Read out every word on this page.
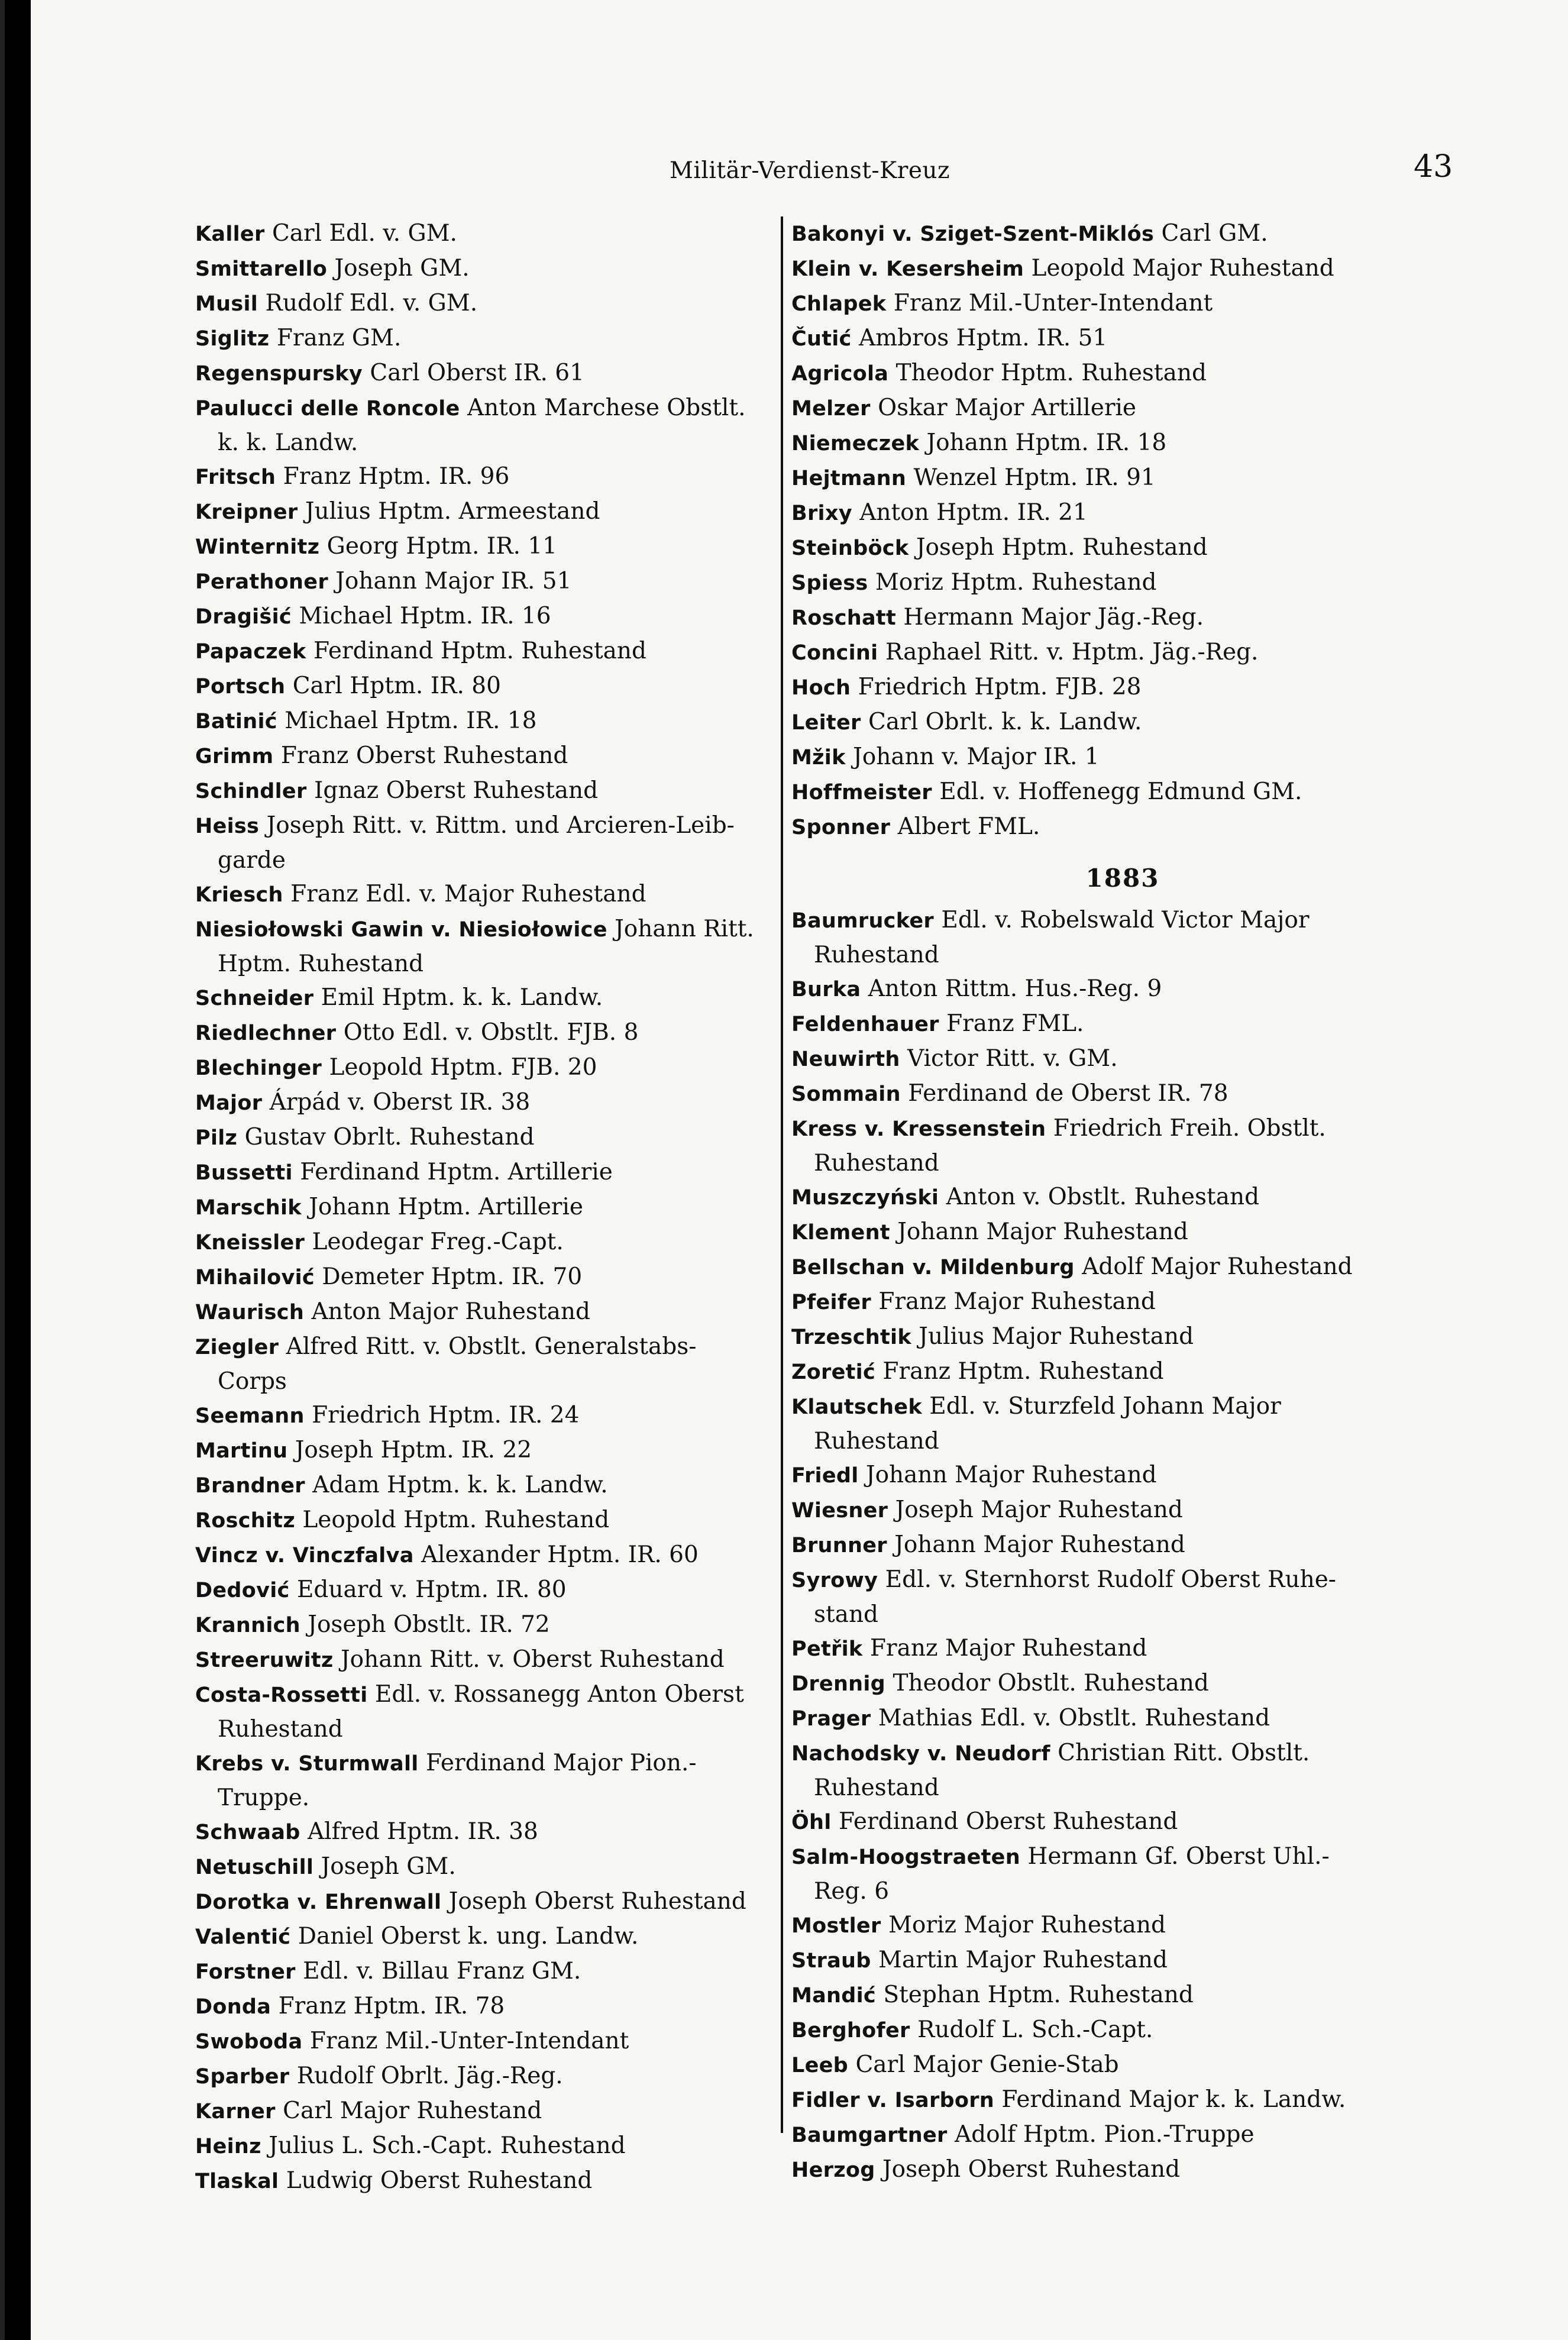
Militär-Verdienst-Kreuz	43
Kaller Carl Edl. v. GM.
Smittarello Joseph GM.
Musil Rudolf Edl. v. GM.
Siglitz Franz GM.
Regenspursky Carl Oberst IR. 61
Paulucci delle Roncole Anton Marchese Obstlt.
k. k. Landw.
Fritsch Franz Hptm. IR. 96
Kreipner Julius Hptm. Armeestand
Winternitz Georg Hptm. IR. 11
Perathoner Johann Major IR. 51
Dragišić Michael Hptm. IR. 16
Papaczek Ferdinand Hptm. Ruhestand
Portsch Carl Hptm. IR. 80
Batinić Michael Hptm. IR. 18
Grimm Franz Oberst Ruhestand
Schindler Ignaz Oberst Ruhestand
Heiss Joseph Ritt. v. Rittm. und Arcieren-Leib-
garde
Kriesch Franz Edl. v. Major Ruhestand
Niesiołowski Gawin v. Niesiołowice Johann Ritt.
Hptm. Ruhestand
Schneider Emil Hptm. k. k. Landw.
Riedlechner Otto Edl. v. Obstlt. FJB. 8
Blechinger Leopold Hptm. FJB. 20
Major Árpád v. Oberst IR. 38
Pilz Gustav Obrlt. Ruhestand
Bussetti Ferdinand Hptm. Artillerie
Marschik Johann Hptm. Artillerie
Kneissler Leodegar Freg.-Capt.
Mihailović Demeter Hptm. IR. 70
Waurisch Anton Major Ruhestand
Ziegler Alfred Ritt. v. Obstlt. Generalstabs-
Corps
Seemann Friedrich Hptm. IR. 24
Martinu Joseph Hptm. IR. 22
Brandner Adam Hptm. k. k. Landw.
Roschitz Leopold Hptm. Ruhestand
Vincz v. Vinczfalva Alexander Hptm. IR. 60
Dedović Eduard v. Hptm. IR. 80
Krannich Joseph Obstlt. IR. 72
Streeruwitz Johann Ritt. v. Oberst Ruhestand
Costa-Rossetti Edl. v. Rossanegg Anton Oberst
Ruhestand
Krebs v. Sturmwall Ferdinand Major Pion.-
Truppe.
Schwaab Alfred Hptm. IR. 38
Netuschill Joseph GM.
Dorotka v. Ehrenwall Joseph Oberst Ruhestand
Valentić Daniel Oberst k. ung. Landw.
Forstner Edl. v. Billau Franz GM.
Donda Franz Hptm. IR. 78
Swoboda Franz Mil.-Unter-Intendant
Sparber Rudolf Obrlt. Jäg.-Reg.
Karner Carl Major Ruhestand
Heinz Julius L. Sch.-Capt. Ruhestand
Tlaskal Ludwig Oberst Ruhestand
Bakonyi v. Sziget-Szent-Miklós Carl GM.
Klein v. Kesersheim Leopold Major Ruhestand
Chlapek Franz Mil.-Unter-Intendant
Čutić Ambros Hptm. IR. 51
Agricola Theodor Hptm. Ruhestand
Melzer Oskar Major Artillerie
Niemeczek Johann Hptm. IR. 18
Hejtmann Wenzel Hptm. IR. 91
Brixy Anton Hptm. IR. 21
Steinböck Joseph Hptm. Ruhestand
Spiess Moriz Hptm. Ruhestand
Roschatt Hermann Major Jäg.-Reg.
Concini Raphael Ritt. v. Hptm. Jäg.-Reg.
Hoch Friedrich Hptm. FJB. 28
Leiter Carl Obrlt. k. k. Landw.
Mžik Johann v. Major IR. 1
Hoffmeister Edl. v. Hoffenegg Edmund GM.
Sponner Albert FML.
1883
Baumrucker Edl. v. Robelswald Victor Major
Ruhestand
Burka Anton Rittm. Hus.-Reg. 9
Feldenhauer Franz FML.
Neuwirth Victor Ritt. v. GM.
Sommain Ferdinand de Oberst IR. 78
Kress v. Kressenstein Friedrich Freih. Obstlt.
Ruhestand
Muszczyński Anton v. Obstlt. Ruhestand
Klement Johann Major Ruhestand
Bellschan v. Mildenburg Adolf Major Ruhestand
Pfeifer Franz Major Ruhestand
Trzeschtik Julius Major Ruhestand
Zoretić Franz Hptm. Ruhestand
Klautschek Edl. v. Sturzfeld Johann Major
Ruhestand
Friedl Johann Major Ruhestand
Wiesner Joseph Major Ruhestand
Brunner Johann Major Ruhestand
Syrowy Edl. v. Sternhorst Rudolf Oberst Ruhe-
stand
Petřik Franz Major Ruhestand
Drennig Theodor Obstlt. Ruhestand
Prager Mathias Edl. v. Obstlt. Ruhestand
Nachodsky v. Neudorf Christian Ritt. Obstlt.
Ruhestand
Öhl Ferdinand Oberst Ruhestand
Salm-Hoogstraeten Hermann Gf. Oberst Uhl.-
Reg. 6
Mostler Moriz Major Ruhestand
Straub Martin Major Ruhestand
Mandić Stephan Hptm. Ruhestand
Berghofer Rudolf L. Sch.-Capt.
Leeb Carl Major Genie-Stab
Fidler v. Isarborn Ferdinand Major k. k. Landw.
Baumgartner Adolf Hptm. Pion.-Truppe
Herzog Joseph Oberst Ruhestand
